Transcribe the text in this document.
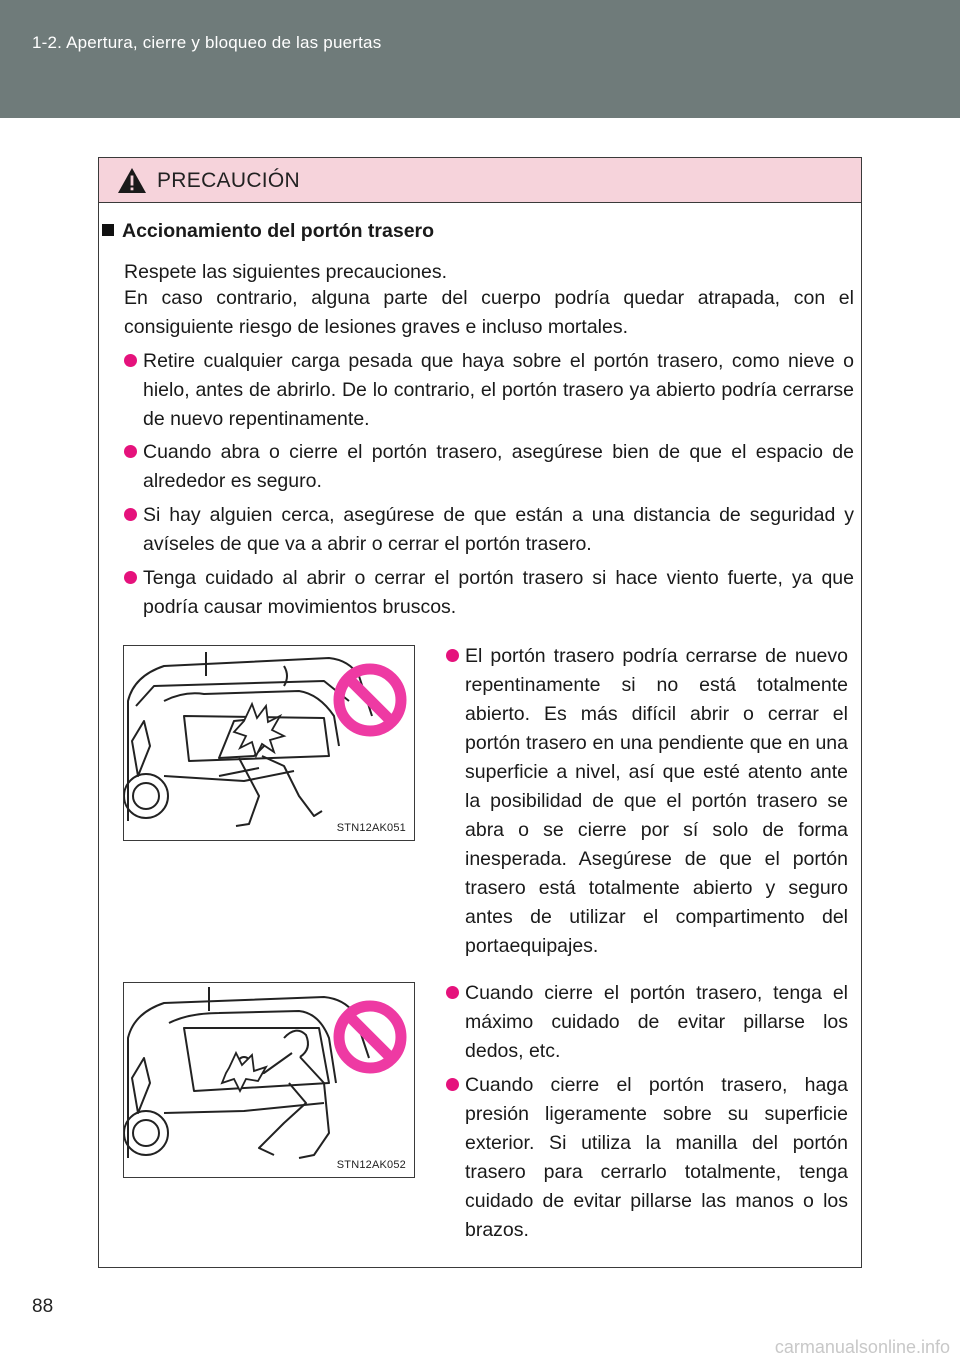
1-2. Apertura, cierre y bloqueo de las puertas
PRECAUCIÓN
Accionamiento del portón trasero
Respete las siguientes precauciones.
En caso contrario, alguna parte del cuerpo podría quedar atrapada, con el consiguiente riesgo de lesiones graves e incluso mortales.
Retire cualquier carga pesada que haya sobre el portón trasero, como nieve o hielo, antes de abrirlo. De lo contrario, el portón trasero ya abierto podría cerrarse de nuevo repentinamente.
Cuando abra o cierre el portón trasero, asegúrese bien de que el espacio de alrededor es seguro.
Si hay alguien cerca, asegúrese de que están a una distancia de seguridad y avíseles de que va a abrir o cerrar el portón trasero.
Tenga cuidado al abrir o cerrar el portón trasero si hace viento fuerte, ya que podría causar movimientos bruscos.
STN12AK051
El portón trasero podría cerrarse de nuevo repentinamente si no está totalmente abierto. Es más difícil abrir o cerrar el portón trasero en una pendiente que en una superficie a nivel, así que esté atento ante la posibilidad de que el portón trasero se abra o se cierre por sí solo de forma inesperada. Asegúrese de que el portón trasero está totalmente abierto y seguro antes de utilizar el compartimento del portaequipajes.
STN12AK052
Cuando cierre el portón trasero, tenga el máximo cuidado de evitar pillarse los dedos, etc.
Cuando cierre el portón trasero, haga presión ligeramente sobre su superficie exterior. Si utiliza la manilla del portón trasero para cerrarlo totalmente, tenga cuidado de evitar pillarse las manos o los brazos.
88
carmanualsonline.info
